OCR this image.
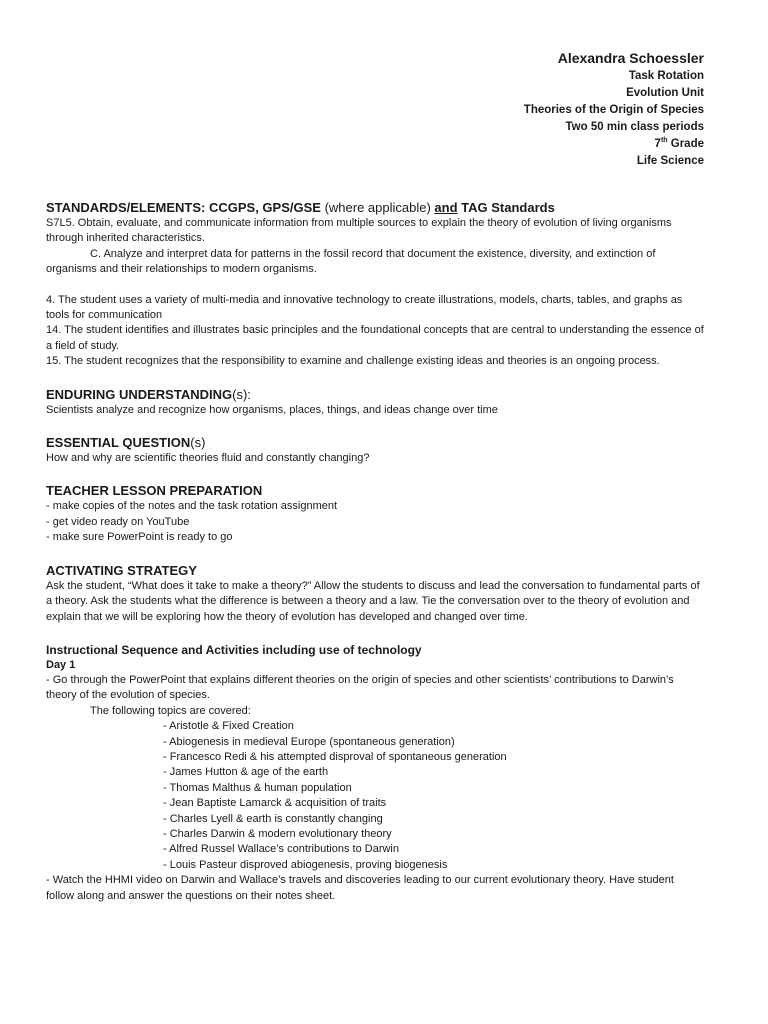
Alexandra Schoessler
Task Rotation
Evolution Unit
Theories of the Origin of Species
Two 50 min class periods
7th Grade
Life Science

STANDARDS/ELEMENTS: CCGPS, GPS/GSE (where applicable) and TAG Standards

S7L5. Obtain, evaluate, and communicate information from multiple sources to explain the theory of evolution of living organisms through inherited characteristics.

C. Analyze and interpret data for patterns in the fossil record that document the existence, diversity, and extinction of organisms and their relationships to modern organisms.

4. The student uses a variety of multi-media and innovative technology to create illustrations, models, charts, tables, and graphs as tools for communication

14. The student identifies and illustrates basic principles and the foundational concepts that are central to understanding the essence of a field of study.

15. The student recognizes that the responsibility to examine and challenge existing ideas and theories is an ongoing process.

ENDURING UNDERSTANDING(s):

Scientists analyze and recognize how organisms, places, things, and ideas change over time

ESSENTIAL QUESTION(s)

How and why are scientific theories fluid and constantly changing?

TEACHER LESSON PREPARATION

- make copies of the notes and the task rotation assignment

- get video ready on YouTube

- make sure PowerPoint is ready to go

ACTIVATING STRATEGY

Ask the student, “What does it take to make a theory?” Allow the students to discuss and lead the conversation to fundamental parts of a theory. Ask the students what the difference is between a theory and a law. Tie the conversation over to the theory of evolution and explain that we will be exploring how the theory of evolution has developed and changed over time.

Instructional Sequence and Activities including use of technology

Day 1

- Go through the PowerPoint that explains different theories on the origin of species and other scientists’ contributions to Darwin’s theory of the evolution of species.

The following topics are covered:

- Aristotle & Fixed Creation

- Abiogenesis in medieval Europe (spontaneous generation)

- Francesco Redi & his attempted disproval of spontaneous generation

- James Hutton & age of the earth

- Thomas Malthus & human population

- Jean Baptiste Lamarck & acquisition of traits

- Charles Lyell & earth is constantly changing

- Charles Darwin & modern evolutionary theory

- Alfred Russel Wallace’s contributions to Darwin

- Louis Pasteur disproved abiogenesis, proving biogenesis

- Watch the HHMI video on Darwin and Wallace’s travels and discoveries leading to our current evolutionary theory. Have student follow along and answer the questions on their notes sheet.
